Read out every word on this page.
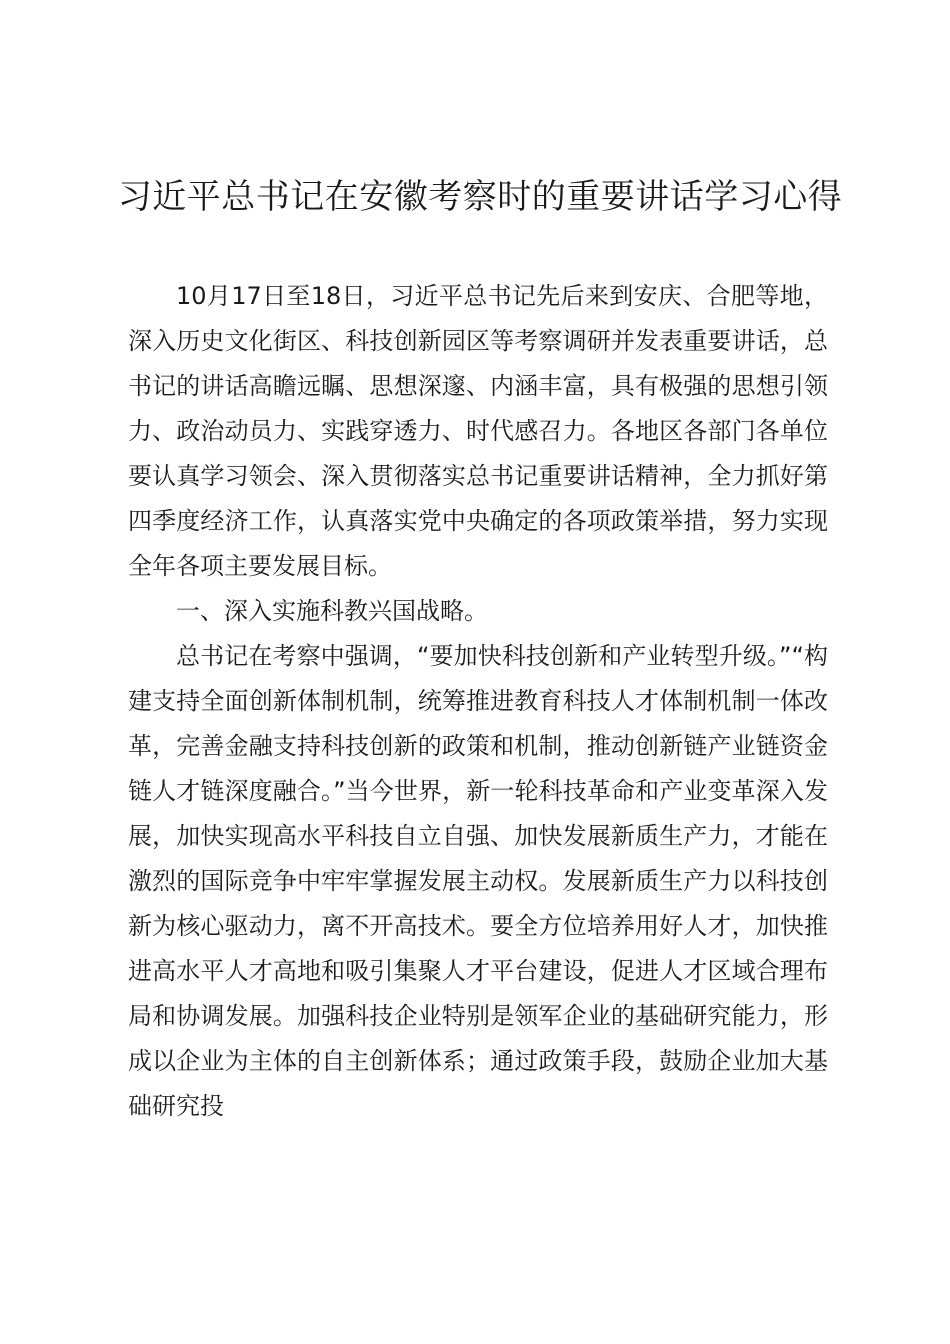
习近平总书记在安徽考察时的重要讲话学习心得

10月17日至18日，习近平总书记先后来到安庆、合肥等地，深入历史文化街区、科技创新园区等考察调研并发表重要讲话，总书记的讲话高瞻远瞩、思想深邃、内涵丰富，具有极强的思想引领力、政治动员力、实践穿透力、时代感召力。各地区各部门各单位要认真学习领会、深入贯彻落实总书记重要讲话精神，全力抓好第四季度经济工作，认真落实党中央确定的各项政策举措，努力实现全年各项主要发展目标。

一、深入实施科教兴国战略。

总书记在考察中强调，“要加快科技创新和产业转型升级。”“构建支持全面创新体制机制，统筹推进教育科技人才体制机制一体改革，完善金融支持科技创新的政策和机制，推动创新链产业链资金链人才链深度融合。”当今世界，新一轮科技革命和产业变革深入发展，加快实现高水平科技自立自强、加快发展新质生产力，才能在激烈的国际竞争中牢牢掌握发展主动权。发展新质生产力以科技创新为核心驱动力，离不开高技术。要全方位培养用好人才，加快推进高水平人才高地和吸引集聚人才平台建设，促进人才区域合理布局和协调发展。加强科技企业特别是领军企业的基础研究能力，形成以企业为主体的自主创新体系；通过政策手段，鼓励企业加大基础研究投
